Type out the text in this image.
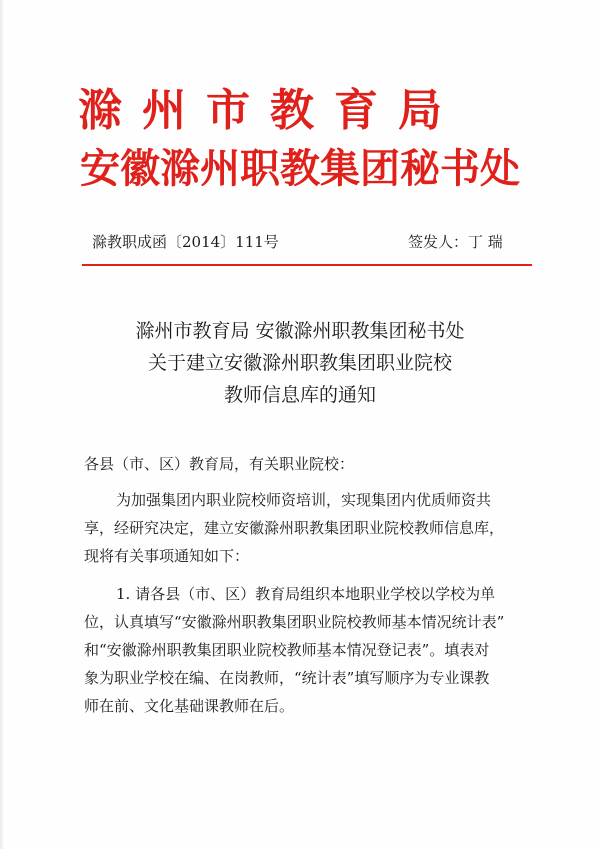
滁州市教育局
安徽滁州职教集团秘书处
滁教职成函〔2014〕111号	签发人：丁 瑞
滁州市教育局 安徽滁州职教集团秘书处
关于建立安徽滁州职教集团职业院校
教师信息库的通知
各县（市、区）教育局，有关职业院校：
为加强集团内职业院校师资培训，实现集团内优质师资共
享，经研究决定，建立安徽滁州职教集团职业院校教师信息库，
现将有关事项通知如下：
1. 请各县（市、区）教育局组织本地职业学校以学校为单
位，认真填写“安徽滁州职教集团职业院校教师基本情况统计表”
和“安徽滁州职教集团职业院校教师基本情况登记表”。填表对
象为职业学校在编、在岗教师，“统计表”填写顺序为专业课教
师在前、文化基础课教师在后。
